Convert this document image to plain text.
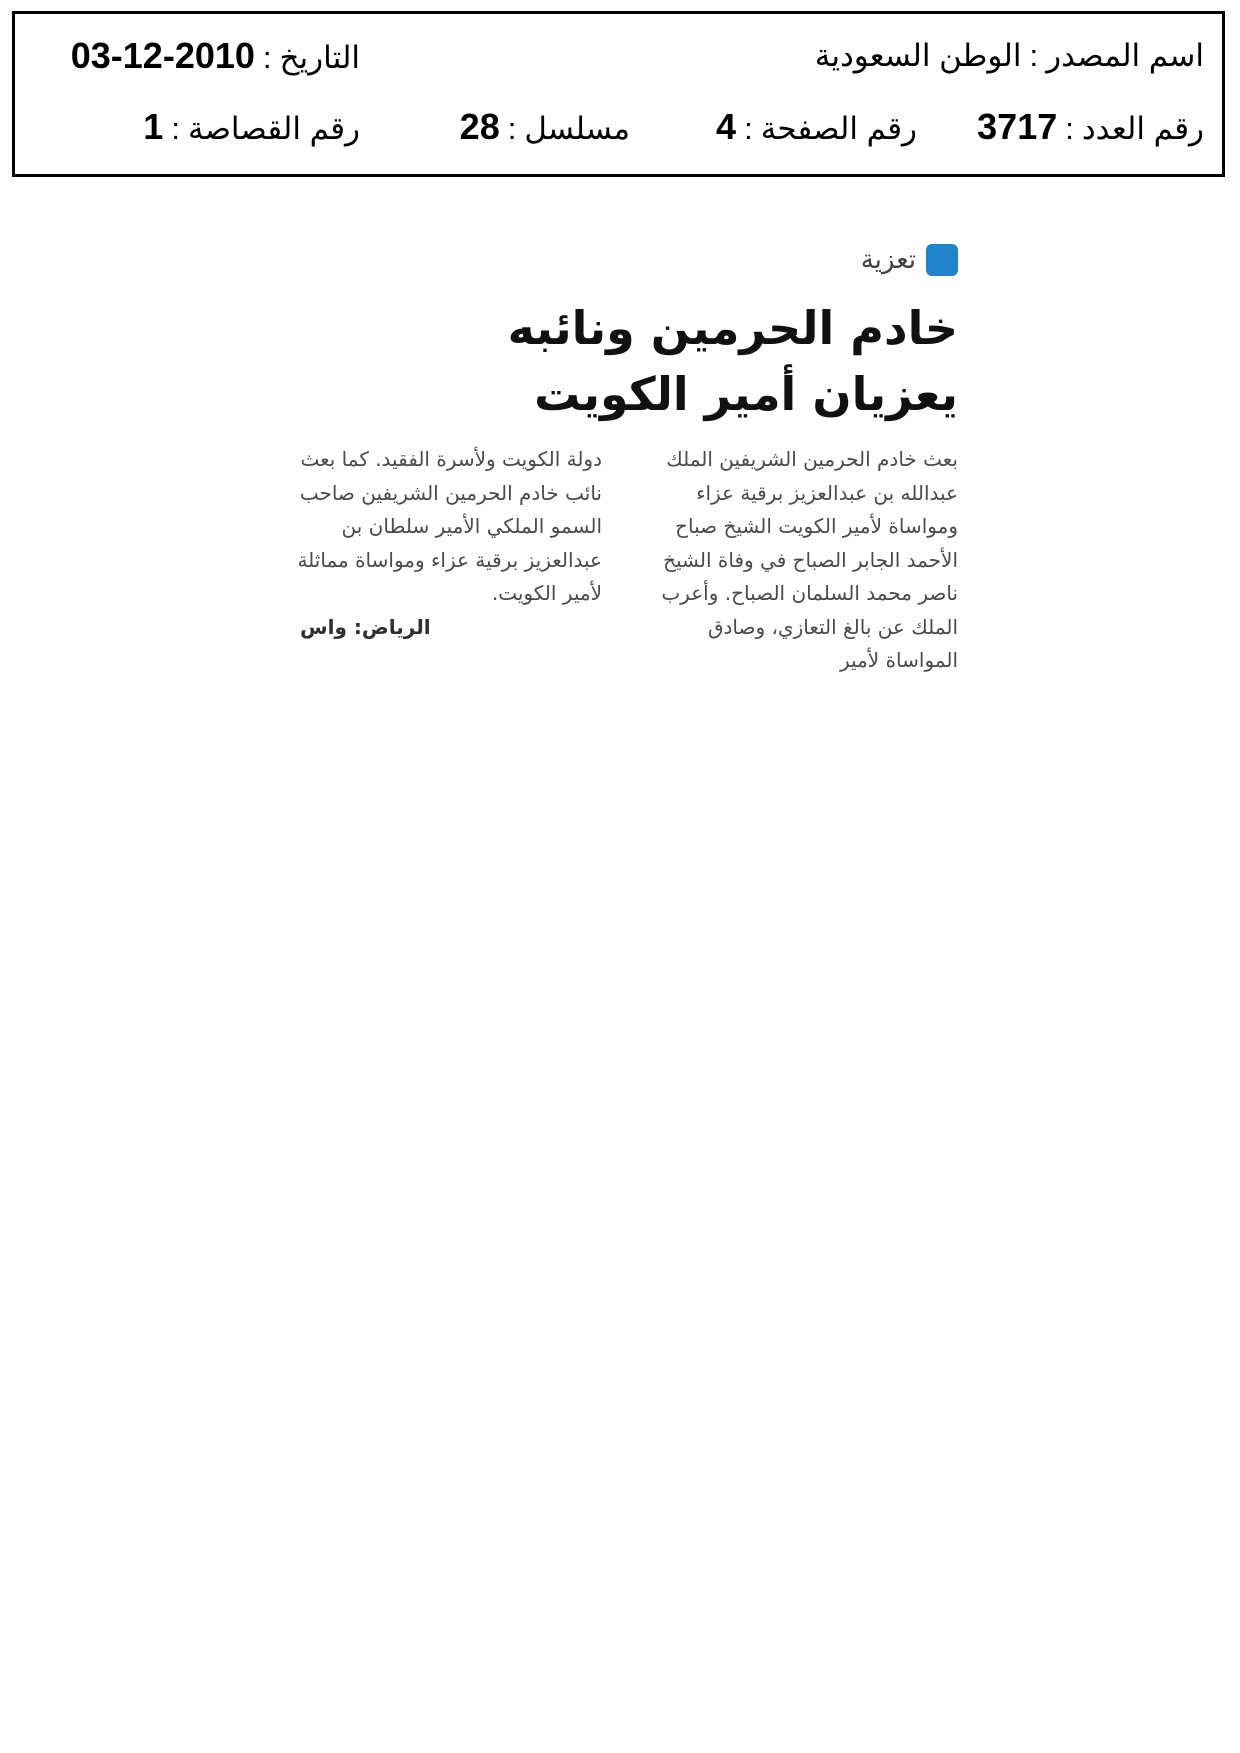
اسم المصدر:الوطن السعودية
التاريخ:2010-12-03
رقم العدد:3717
رقم الصفحة:4
مسلسل:28
رقم القصاصة:1
تعزية
خادم الحرمين ونائبه يعزيان أمير الكويت

بعث خادم الحرمين الشريفين الملك عبدالله بن عبدالعزيز برقية عزاء ومواساة لأمير الكويت الشيخ صباح الأحمد الجابر الصباح في وفاة الشيخ ناصر محمد السلمان الصباح. وأعرب الملك عن بالغ التعازي، وصادق المواساة لأمير

دولة الكويت ولأسرة الفقيد. كما بعث نائب خادم الحرمين الشريفين صاحب السمو الملكي الأمير سلطان بن عبدالعزيز برقية عزاء ومواساة مماثلة لأمير الكويت.

الرياض: واس
